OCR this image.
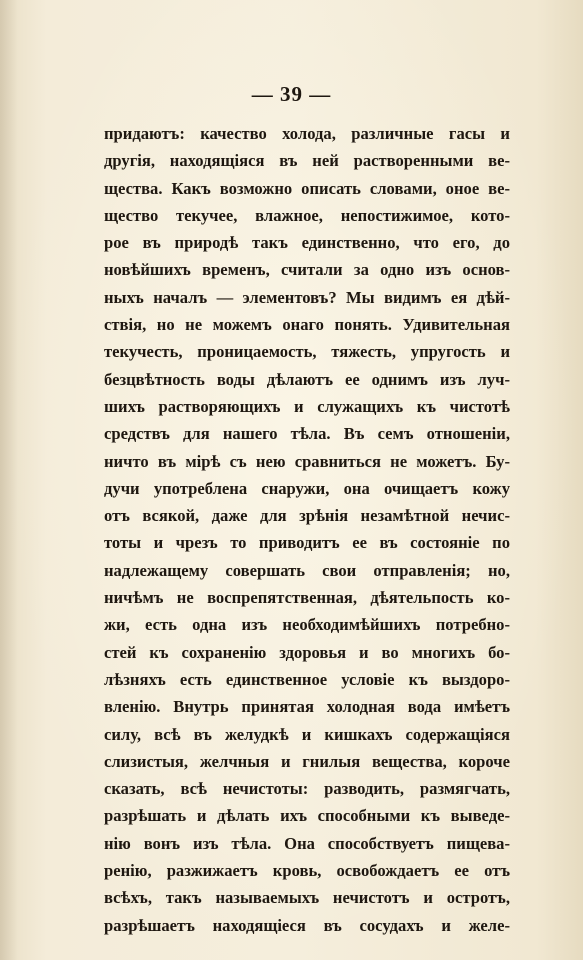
— 39 —
придаютъ: качество холода, различные гасы и
другія, находящіяся въ ней растворенными ве-
щества. Какъ возможно описать словами, оное ве-
щество текучее, влажное, непостижимое, кото-
рое въ природѣ такъ единственно, что его, до
новѣйшихъ временъ, считали за одно изъ основ-
ныхъ началъ — элементовъ? Мы видимъ ея дѣй-
ствія, но не можемъ онаго понять. Удивительная
текучесть, проницаемость, тяжесть, упругость и
безцвѣтность воды дѣлаютъ ее однимъ изъ луч-
шихъ растворяющихъ и служащихъ къ чистотѣ
средствъ для нашего тѣла. Въ семъ отношеніи,
ничто въ мірѣ съ нею сравниться не можетъ. Бу-
дучи употреблена снаружи, она очищаетъ кожу
отъ всякой, даже для зрѣнія незамѣтной нечис-
тоты и чрезъ то приводитъ ее въ состояніе по
надлежащему совершать свои отправленія; но,
ничѣмъ не воспрепятственная, дѣятельпость ко-
жи, есть одна изъ необходимѣйшихъ потребно-
стей къ сохраненію здоровья и во многихъ бо-
лѣзняхъ есть единственное условіе къ выздоро-
вленію. Внутрь принятая холодная вода имѣетъ
силу, всѣ въ желудкѣ и кишкахъ содержащіяся
слизистыя, желчныя и гнилыя вещества, короче
сказать, всѣ нечистоты: разводить, размягчать,
разрѣшать и дѣлать ихъ способными къ выведе-
нію вонъ изъ тѣла. Она способствуетъ пищева-
ренію, разжижаетъ кровь, освобождаетъ ее отъ
всѣхъ, такъ называемыхъ нечистотъ и остротъ,
разрѣшаетъ находящіеся въ сосудахъ и желе-
